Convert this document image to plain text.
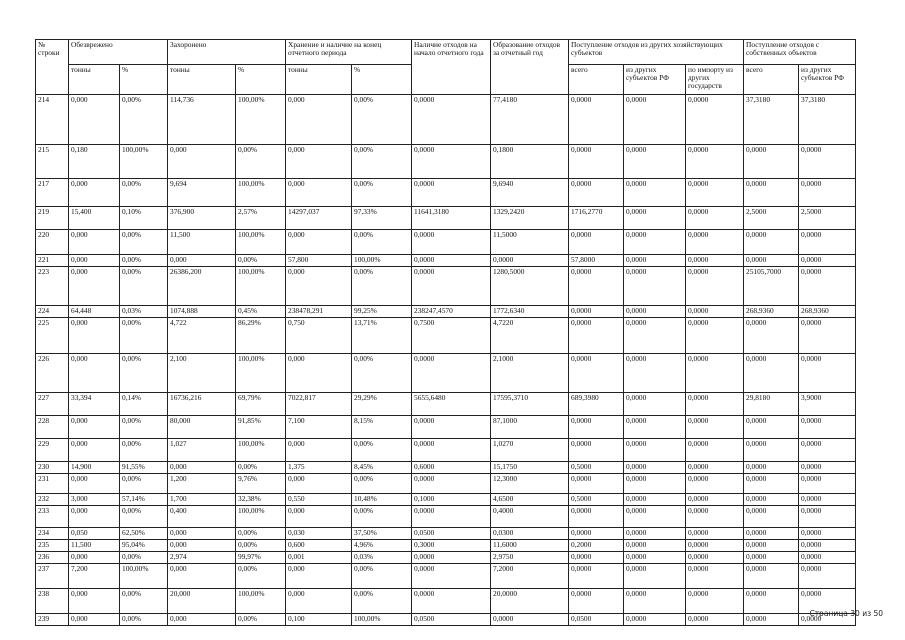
№ строки	Обезврежено		Захоронено		Хранение и наличие на конец отчетного периода		Наличие отходов на начало отчетного года	Образование отходов за отчетный год	Поступление отходов из других хозяйствующих субъектов			Поступление отходов с собственных объектов	
	тонны	%	тонны	%	тонны	%			всего	из других субъектов РФ	по импорту из других государств	всего	из других субъектов РФ
214	0,000	0,00%	114,736	100,00%	0,000	0,00%	0,0000	77,4180	0,0000	0,0000	0,0000	37,3180	37,3180
215	0,180	100,00%	0,000	0,00%	0,000	0,00%	0,0000	0,1800	0,0000	0,0000	0,0000	0,0000	0,0000
217	0,000	0,00%	9,694	100,00%	0,000	0,00%	0,0000	9,6940	0,0000	0,0000	0,0000	0,0000	0,0000
219	15,400	0,10%	376,900	2,57%	14297,037	97,33%	11641,3180	1329,2420	1716,2770	0,0000	0,0000	2,5000	2,5000
220	0,000	0,00%	11,500	100,00%	0,000	0,00%	0,0000	11,5000	0,0000	0,0000	0,0000	0,0000	0,0000
221	0,000	0,00%	0,000	0,00%	57,800	100,00%	0,0000	0,0000	57,8000	0,0000	0,0000	0,0000	0,0000
223	0,000	0,00%	26386,200	100,00%	0,000	0,00%	0,0000	1280,5000	0,0000	0,0000	0,0000	25105,7000	0,0000
224	64,448	0,03%	1074,888	0,45%	238478,291	99,25%	238247,4570	1772,6340	0,0000	0,0000	0,0000	268,9360	268,9360
225	0,000	0,00%	4,722	86,29%	0,750	13,71%	0,7500	4,7220	0,0000	0,0000	0,0000	0,0000	0,0000
226	0,000	0,00%	2,100	100,00%	0,000	0,00%	0,0000	2,1000	0,0000	0,0000	0,0000	0,0000	0,0000
227	33,394	0,14%	16736,216	69,79%	7022,817	29,29%	5655,6480	17595,3710	689,3980	0,0000	0,0000	29,8180	3,9000
228	0,000	0,00%	80,000	91,85%	7,100	8,15%	0,0000	87,1000	0,0000	0,0000	0,0000	0,0000	0,0000
229	0,000	0,00%	1,027	100,00%	0,000	0,00%	0,0000	1,0270	0,0000	0,0000	0,0000	0,0000	0,0000
230	14,900	91,55%	0,000	0,00%	1,375	8,45%	0,6000	15,1750	0,5000	0,0000	0,0000	0,0000	0,0000
231	0,000	0,00%	1,200	9,76%	0,000	0,00%	0,0000	12,3000	0,0000	0,0000	0,0000	0,0000	0,0000
232	3,000	57,14%	1,700	32,38%	0,550	10,48%	0,1000	4,6500	0,5000	0,0000	0,0000	0,0000	0,0000
233	0,000	0,00%	0,400	100,00%	0,000	0,00%	0,0000	0,4000	0,0000	0,0000	0,0000	0,0000	0,0000
234	0,050	62,50%	0,000	0,00%	0,030	37,50%	0,0500	0,0300	0,0000	0,0000	0,0000	0,0000	0,0000
235	11,500	95,04%	0,000	0,00%	0,600	4,96%	0,3000	11,6000	0,2000	0,0000	0,0000	0,0000	0,0000
236	0,000	0,00%	2,974	99,97%	0,001	0,03%	0,0000	2,9750	0,0000	0,0000	0,0000	0,0000	0,0000
237	7,200	100,00%	0,000	0,00%	0,000	0,00%	0,0000	7,2000	0,0000	0,0000	0,0000	0,0000	0,0000
238	0,000	0,00%	20,000	100,00%	0,000	0,00%	0,0000	20,0000	0,0000	0,0000	0,0000	0,0000	0,0000
239	0,000	0,00%	0,000	0,00%	0,100	100,00%	0,0500	0,0000	0,0500	0,0000	0,0000	0,0000	0,0000
Страница 30 из 50
